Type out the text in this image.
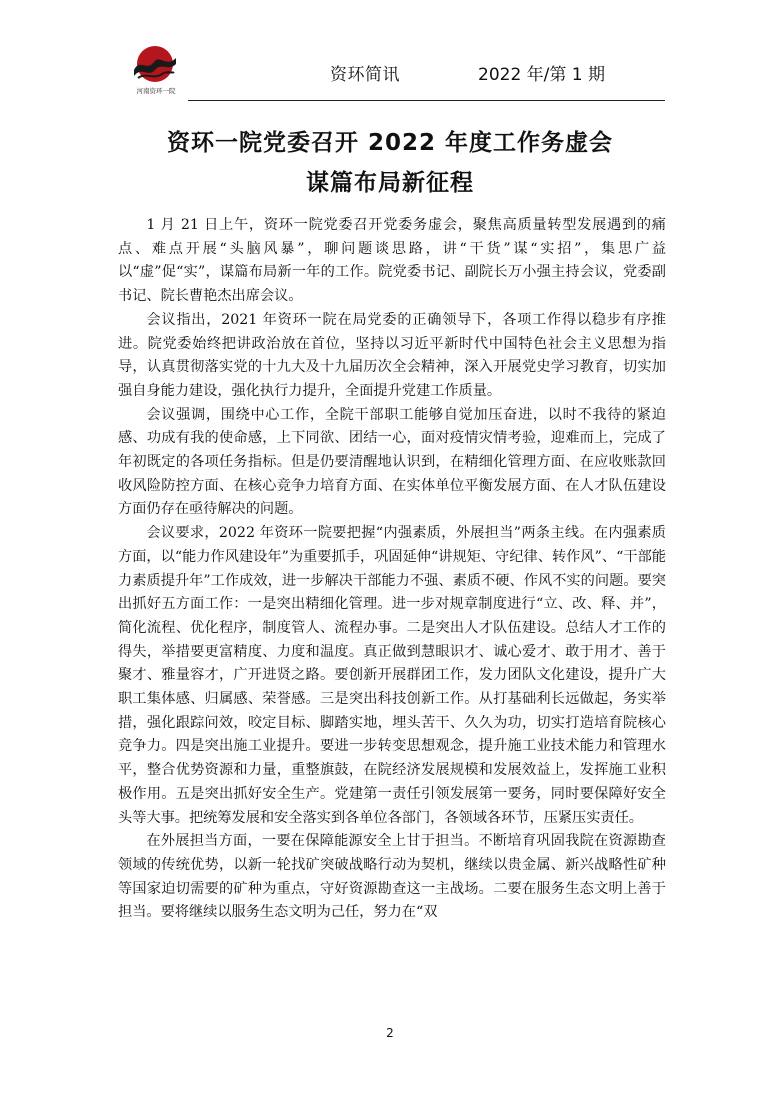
河南资环一院
资环简讯	2022 年/第 1 期
资环一院党委召开 2022 年度工作务虚会
谋篇布局新征程

1 月 21 日上午，资环一院党委召开党委务虚会，聚焦高质量转型发展遇到的痛点、难点开展“头脑风暴”，聊问题谈思路，讲“干货”谋“实招”，集思广益以“虚”促“实”，谋篇布局新一年的工作。院党委书记、副院长万小强主持会议，党委副书记、院长曹艳杰出席会议。

会议指出，2021 年资环一院在局党委的正确领导下，各项工作得以稳步有序推进。院党委始终把讲政治放在首位，坚持以习近平新时代中国特色社会主义思想为指导，认真贯彻落实党的十九大及十九届历次全会精神，深入开展党史学习教育，切实加强自身能力建设，强化执行力提升，全面提升党建工作质量。

会议强调，围绕中心工作，全院干部职工能够自觉加压奋进，以时不我待的紧迫感、功成有我的使命感，上下同欲、团结一心，面对疫情灾情考验，迎难而上，完成了年初既定的各项任务指标。但是仍要清醒地认识到，在精细化管理方面、在应收账款回收风险防控方面、在核心竞争力培育方面、在实体单位平衡发展方面、在人才队伍建设方面仍存在亟待解决的问题。

会议要求，2022 年资环一院要把握“内强素质，外展担当”两条主线。在内强素质方面，以“能力作风建设年”为重要抓手，巩固延伸“讲规矩、守纪律、转作风”、“干部能力素质提升年”工作成效，进一步解决干部能力不强、素质不硬、作风不实的问题。要突出抓好五方面工作：一是突出精细化管理。进一步对规章制度进行“立、改、释、并”，简化流程、优化程序，制度管人、流程办事。二是突出人才队伍建设。总结人才工作的得失，举措要更富精度、力度和温度。真正做到慧眼识才、诚心爱才、敢于用才、善于聚才、雅量容才，广开进贤之路。要创新开展群团工作，发力团队文化建设，提升广大职工集体感、归属感、荣誉感。三是突出科技创新工作。从打基础利长远做起，务实举措，强化跟踪问效，咬定目标、脚踏实地，埋头苦干、久久为功，切实打造培育院核心竞争力。四是突出施工业提升。要进一步转变思想观念，提升施工业技术能力和管理水平，整合优势资源和力量，重整旗鼓，在院经济发展规模和发展效益上，发挥施工业积极作用。五是突出抓好安全生产。党建第一责任引领发展第一要务，同时要保障好安全头等大事。把统筹发展和安全落实到各单位各部门，各领域各环节，压紧压实责任。

在外展担当方面，一要在保障能源安全上甘于担当。不断培育巩固我院在资源勘查领域的传统优势，以新一轮找矿突破战略行动为契机，继续以贵金属、新兴战略性矿种等国家迫切需要的矿种为重点，守好资源勘查这一主战场。二要在服务生态文明上善于担当。要将继续以服务生态文明为己任，努力在“双

2
